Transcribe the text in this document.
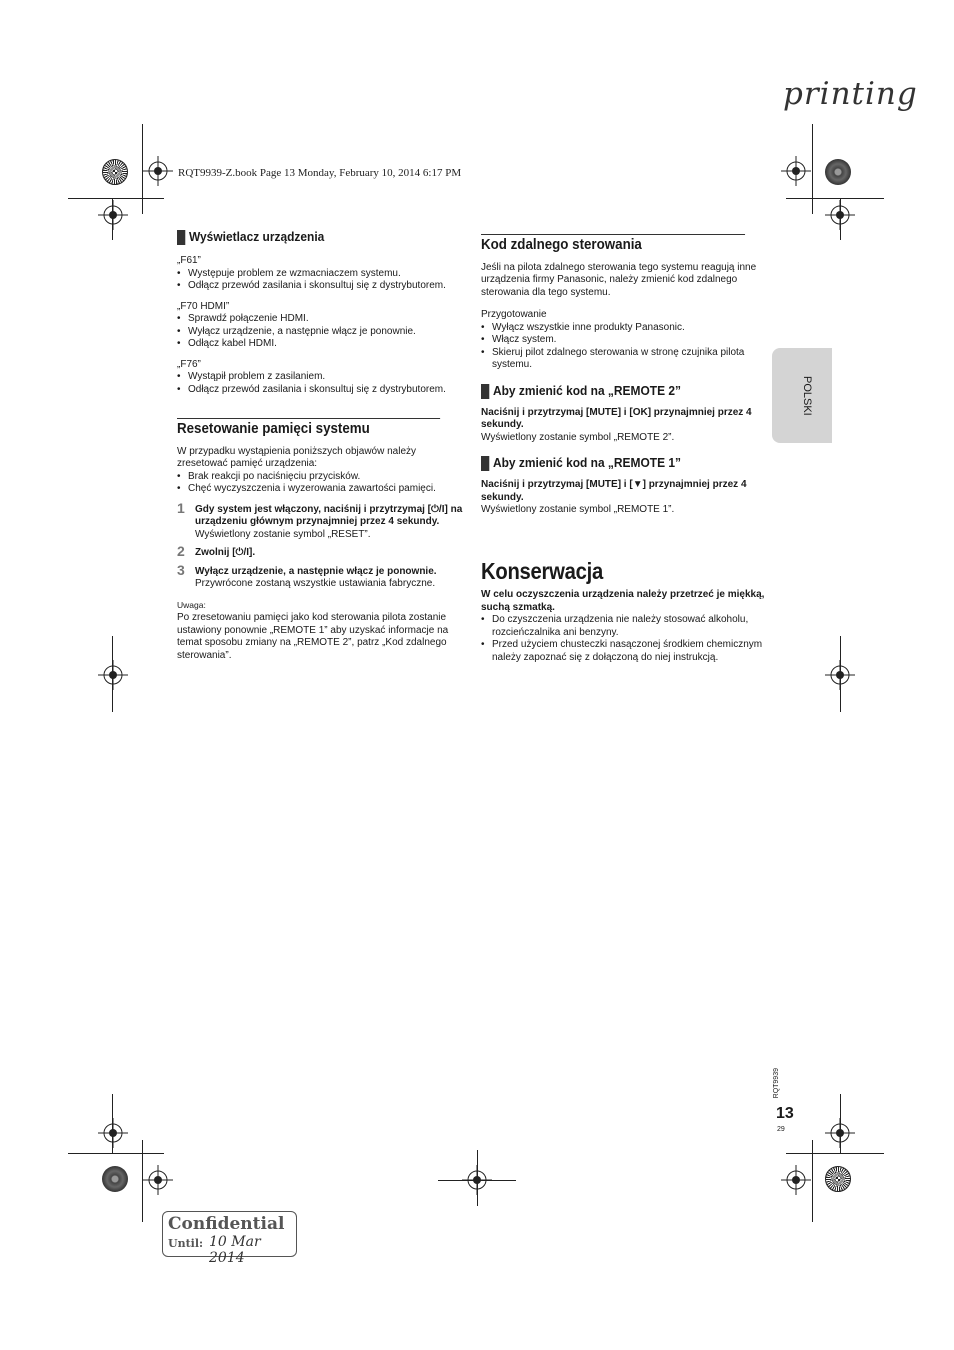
printing
RQT9939-Z.book Page 13 Monday, February 10, 2014 6:17 PM
Wyświetlacz urządzenia

„F61”

• Występuje problem ze wzmacniaczem systemu.
• Odłącz przewód zasilania i skonsultuj się z dystrybutorem.

„F70 HDMI”

• Sprawdź połączenie HDMI.
• Wyłącz urządzenie, a następnie włącz je ponownie.
• Odłącz kabel HDMI.

„F76”

• Wystąpił problem z zasilaniem.
• Odłącz przewód zasilania i skonsultuj się z dystrybutorem.
Resetowanie pamięci systemu

W przypadku wystąpienia poniższych objawów należy zresetować pamięć urządzenia:

• Brak reakcji po naciśnięciu przycisków.
• Chęć wyczyszczenia i wyzerowania zawartości pamięci.
1 Gdy system jest włączony, naciśnij i przytrzymaj [⏻/I] na urządzeniu głównym przynajmniej przez 4 sekundy.
Wyświetlony zostanie symbol „RESET”.
2 Zwolnij [⏻/I].
3 Wyłącz urządzenie, a następnie włącz je ponownie.
Przywrócone zostaną wszystkie ustawiania fabryczne.

Uwaga:

Po zresetowaniu pamięci jako kod sterowania pilota zostanie ustawiony ponownie „REMOTE 1” aby uzyskać informacje na temat sposobu zmiany na „REMOTE 2”, patrz „Kod zdalnego sterowania”.

Kod zdalnego sterowania

Jeśli na pilota zdalnego sterowania tego systemu reagują inne urządzenia firmy Panasonic, należy zmienić kod zdalnego sterowania dla tego systemu.

Przygotowanie

• Wyłącz wszystkie inne produkty Panasonic.
• Włącz system.
• Skieruj pilot zdalnego sterowania w stronę czujnika pilota systemu.
Aby zmienić kod na „REMOTE 2”
Naciśnij i przytrzymaj [MUTE] i [OK] przynajmniej przez 4 sekundy.

Wyświetlony zostanie symbol „REMOTE 2”.

Aby zmienić kod na „REMOTE 1”
Naciśnij i przytrzymaj [MUTE] i [▼] przynajmniej przez 4 sekundy.

Wyświetlony zostanie symbol „REMOTE 1”.

Konserwacja
W celu oczyszczenia urządzenia należy przetrzeć je miękką, suchą szmatką.
• Do czyszczenia urządzenia nie należy stosować alkoholu, rozcieńczalnika ani benzyny.
• Przed użyciem chusteczki nasączonej środkiem chemicznym należy zapoznać się z dołączoną do niej instrukcją.
POLSKI
RQT9939
13
29
Confidential
Until: 10 Mar 2014
